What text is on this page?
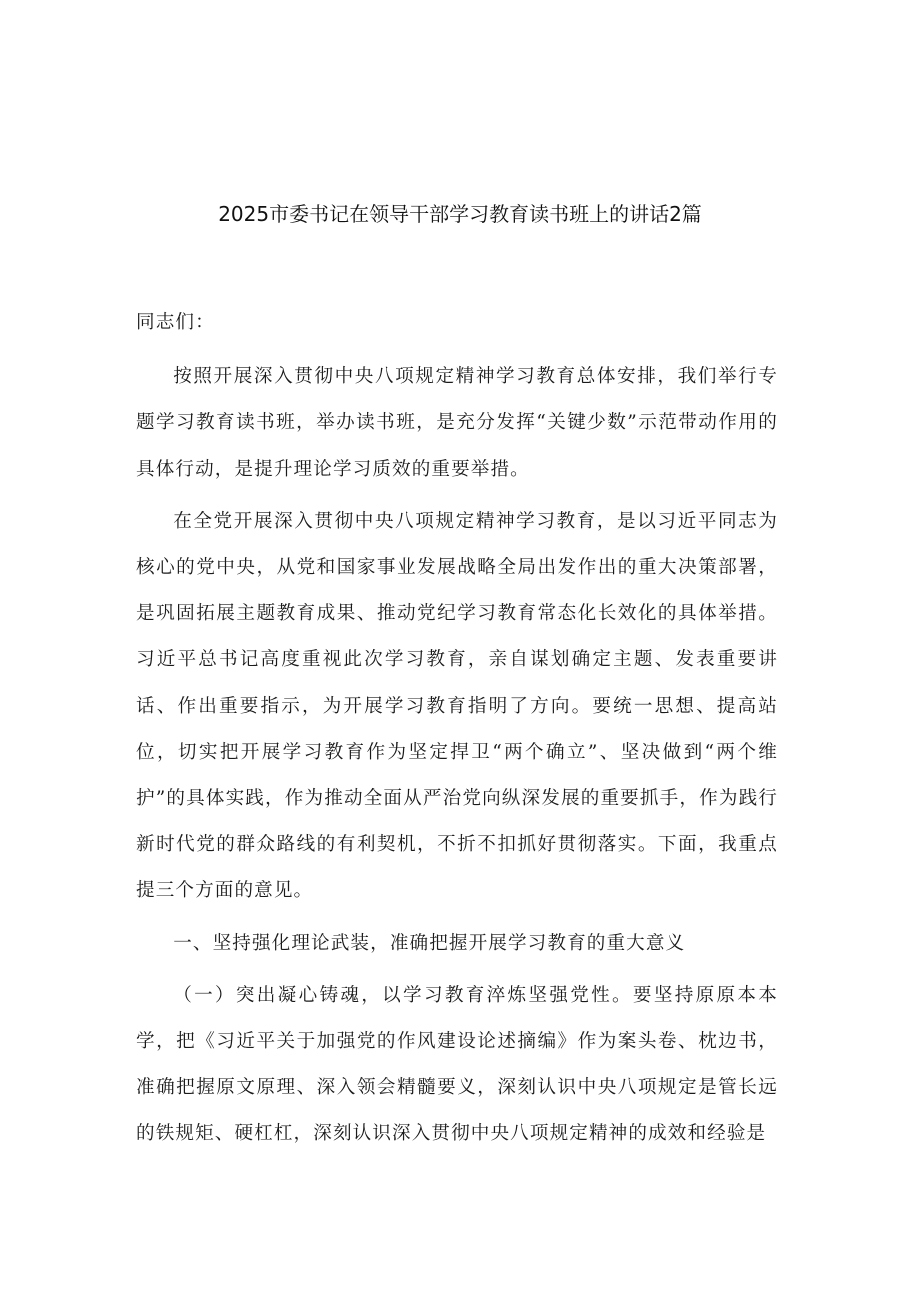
2025市委书记在领导干部学习教育读书班上的讲话2篇

同志们：

按照开展深入贯彻中央八项规定精神学习教育总体安排，我们举行专题学习教育读书班，举办读书班，是充分发挥“关键少数”示范带动作用的具体行动，是提升理论学习质效的重要举措。

在全党开展深入贯彻中央八项规定精神学习教育，是以习近平同志为核心的党中央，从党和国家事业发展战略全局出发作出的重大决策部署，是巩固拓展主题教育成果、推动党纪学习教育常态化长效化的具体举措。习近平总书记高度重视此次学习教育，亲自谋划确定主题、发表重要讲话、作出重要指示，为开展学习教育指明了方向。要统一思想、提高站位，切实把开展学习教育作为坚定捍卫“两个确立”、坚决做到“两个维护”的具体实践，作为推动全面从严治党向纵深发展的重要抓手，作为践行新时代党的群众路线的有利契机，不折不扣抓好贯彻落实。下面，我重点提三个方面的意见。

一、坚持强化理论武装，准确把握开展学习教育的重大意义

（一）突出凝心铸魂，以学习教育淬炼坚强党性。要坚持原原本本学，把《习近平关于加强党的作风建设论述摘编》作为案头卷、枕边书，准确把握原文原理、深入领会精髓要义，深刻认识中央八项规定是管长远的铁规矩、硬杠杠，深刻认识深入贯彻中央八项规定精神的成效和经验是
